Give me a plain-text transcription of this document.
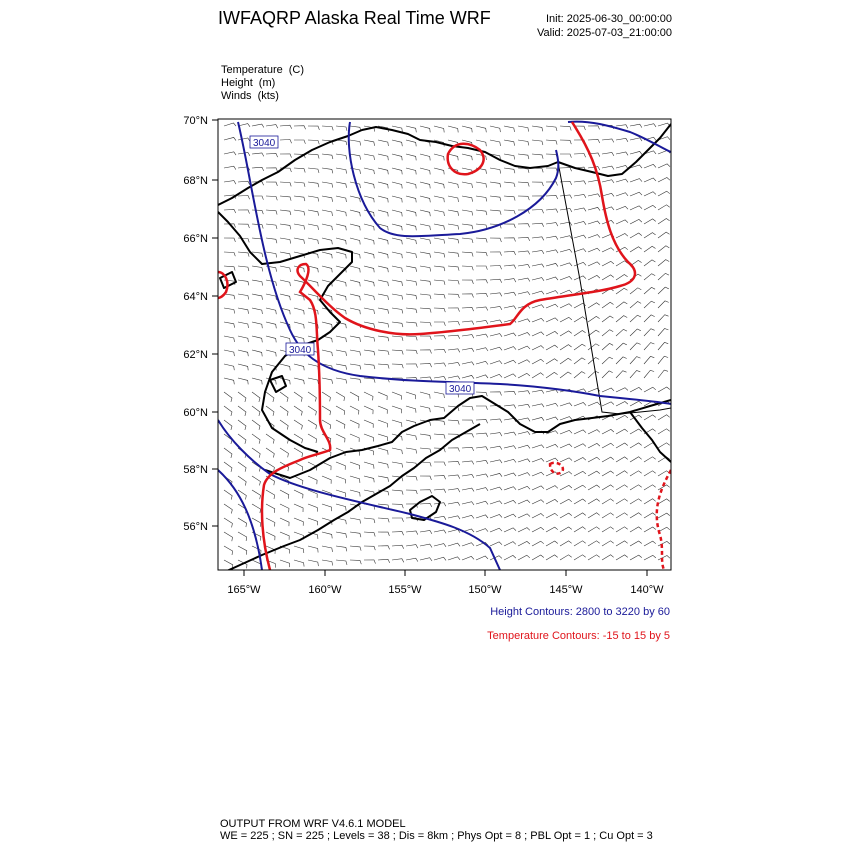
IWFAQRP Alaska Real Time WRF	Init: 2025-06-30_00:00:00
Valid: 2025-07-03_21:00:00
Temperature (C)
Height (m)
Winds (kts)
3040
3040
3040
70°N
68°N
66°N
64°N
62°N
60°N
58°N
56°N
165°W	160°W	155°W	150°W	145°W	140°W
Height Contours: 2800 to 3220 by 60
Temperature Contours: -15 to 15 by 5
OUTPUT FROM WRF V4.6.1 MODEL
WE = 225 ; SN = 225 ; Levels = 38 ; Dis = 8km ; Phys Opt = 8 ; PBL Opt = 1 ; Cu Opt = 3
